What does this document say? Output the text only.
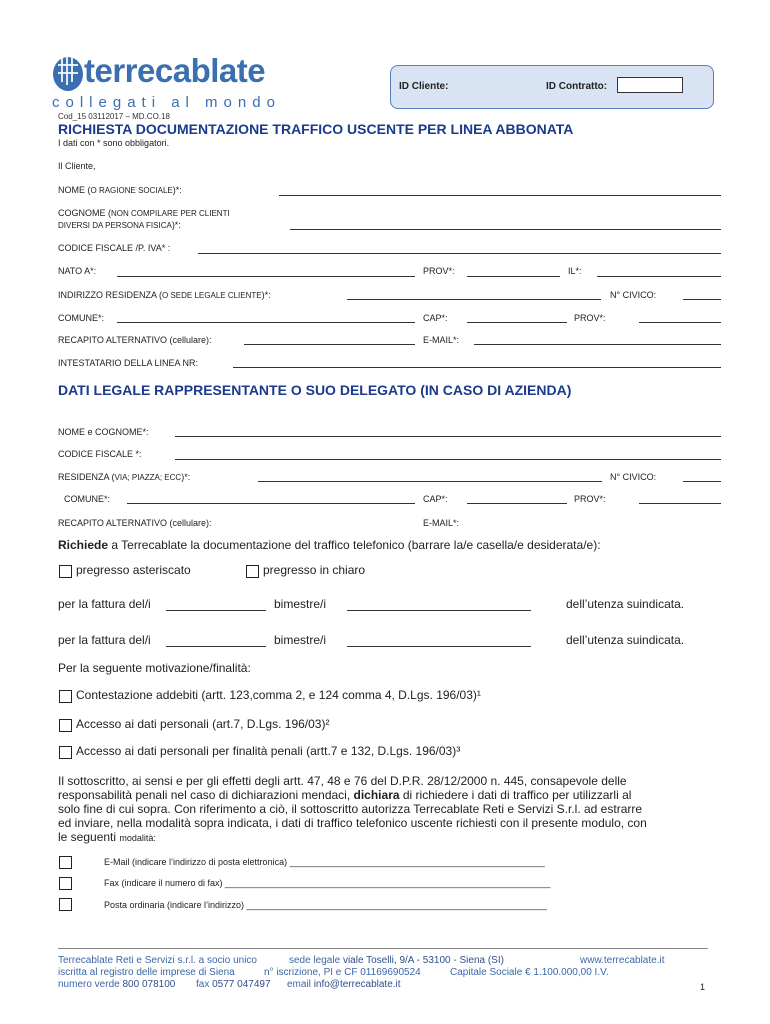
terrecablate
collegati al mondo
Cod_15 03112017 – MD.CO.18
ID Cliente:	ID Contratto:
RICHIESTA DOCUMENTAZIONE TRAFFICO USCENTE PER LINEA ABBONATA
I dati con * sono obbligatori.
Il Cliente,
NOME (O RAGIONE SOCIALE)*:
COGNOME (NON COMPILARE PER CLIENTI
DIVERSI DA PERSONA FISICA)*:
CODICE FISCALE /P. IVA* :
NATO A*:	PROV*:	IL*:
INDIRIZZO RESIDENZA (O SEDE LEGALE CLIENTE)*:	N° CIVICO:
COMUNE*:	CAP*:	PROV*:
RECAPITO ALTERNATIVO (cellulare):	E-MAIL*:
INTESTATARIO DELLA LINEA NR:
DATI LEGALE RAPPRESENTANTE O SUO DELEGATO (IN CASO DI AZIENDA)
NOME e COGNOME*:
CODICE FISCALE *:
RESIDENZA (VIA; PIAZZA; ECC)*:	N° CIVICO:
COMUNE*:	CAP*:	PROV*:
RECAPITO ALTERNATIVO (cellulare):	E-MAIL*:
Richiede a Terrecablate la documentazione del traffico telefonico (barrare la/e casella/e desiderata/e):
pregresso asteriscato	pregresso in chiaro
per la fattura del/i	bimestre/i	dell’utenza suindicata.
per la fattura del/i	bimestre/i	dell’utenza suindicata.
Per la seguente motivazione/finalità:
Contestazione addebiti (artt. 123,comma 2, e 124 comma 4, D.Lgs. 196/03)¹
Accesso ai dati personali (art.7, D.Lgs. 196/03)²
Accesso ai dati personali per finalità penali (artt.7 e 132, D.Lgs. 196/03)³
Il sottoscritto, ai sensi e per gli effetti degli artt. 47, 48 e 76 del D.P.R. 28/12/2000 n. 445, consapevole delle
responsabilità penali nel caso di dichiarazioni mendaci, dichiara di richiedere i dati di traffico per utilizzarli al
solo fine di cui sopra. Con riferimento a ciò, il sottoscritto autorizza Terrecablate Reti e Servizi S.r.l. ad estrarre
ed inviare, nella modalità sopra indicata, i dati di traffico telefonico uscente richiesti con il presente modulo, con
le seguenti modalità:
E-Mail (indicare l’indirizzo di posta elettronica) ___________________________________________________
Fax (indicare il numero di fax) _________________________________________________________________
Posta ordinaria (indicare l’indirizzo) ____________________________________________________________
Terrecablate Reti e Servizi s.r.l. a socio unico	sede legale viale Toselli, 9/A - 53100 - Siena (SI)	www.terrecablate.it
iscritta al registro delle imprese di Siena	n° iscrizione, PI e CF 01169690524	Capitale Sociale € 1.100.000,00 I.V.
numero verde 800 078100 fax 0577 047497 email info@terrecablate.it	1
